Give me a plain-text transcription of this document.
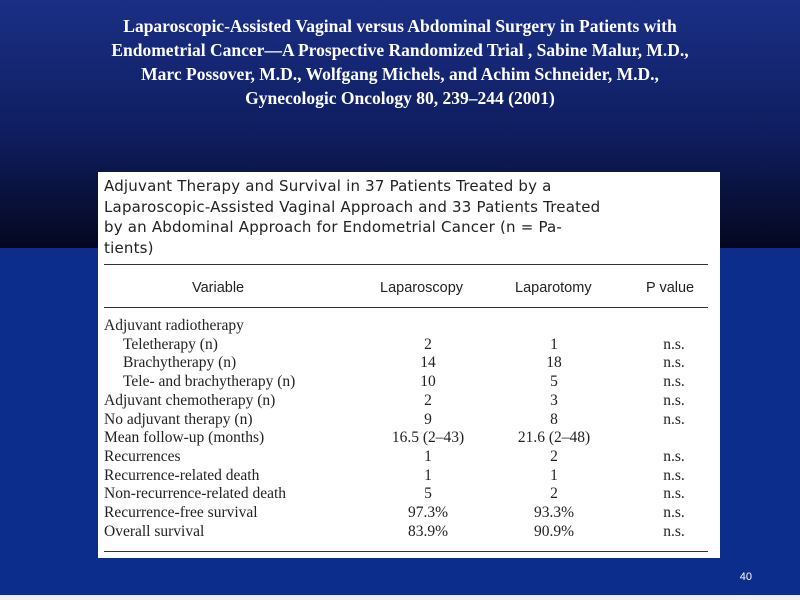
Laparoscopic-Assisted Vaginal versus Abdominal Surgery in Patients with
Endometrial Cancer—A Prospective Randomized Trial , Sabine Malur, M.D.,
Marc Possover, M.D., Wolfgang Michels, and Achim Schneider, M.D.,
Gynecologic Oncology 80, 239–244 (2001)
Adjuvant Therapy and Survival in 37 Patients Treated by a
Laparoscopic-Assisted Vaginal Approach and 33 Patients Treated
by an Abdominal Approach for Endometrial Cancer (n = Pa-
tients)
Variable	Laparoscopy	Laparotomy	P value
Adjuvant radiotherapy
Teletherapy (n)	2	1	n.s.
Brachytherapy (n)	14	18	n.s.
Tele- and brachytherapy (n)	10	5	n.s.
Adjuvant chemotherapy (n)	2	3	n.s.
No adjuvant therapy (n)	9	8	n.s.
Mean follow-up (months)	16.5 (2–43)	21.6 (2–48)
Recurrences	1	2	n.s.
Recurrence-related death	1	1	n.s.
Non-recurrence-related death	5	2	n.s.
Recurrence-free survival	97.3%	93.3%	n.s.
Overall survival	83.9%	90.9%	n.s.
40
